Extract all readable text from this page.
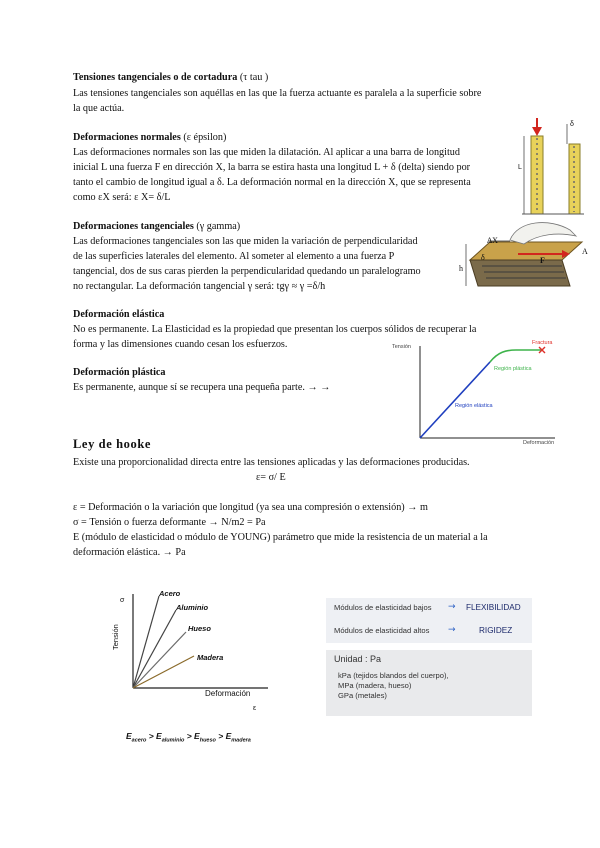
Tensiones tangenciales o de cortadura (τ tau )
Las tensiones tangenciales son aquéllas en las que la fuerza actuante es paralela a la superficie sobre
la que actúa.
Deformaciones normales (ε épsilon)
Las deformaciones normales son las que miden la dilatación. Al aplicar a una barra de longitud
inicial L una fuerza F en dirección X, la barra se estira hasta una longitud L + δ (delta) siendo por
tanto el cambio de longitud igual a δ. La deformación normal en la dirección X, que se representa
como εX será: ε X= δ/L
L
δ
Deformaciones tangenciales (γ gamma)
Las deformaciones tangenciales son las que miden la variación de perpendicularidad
de las superficies laterales del elemento. Al someter al elemento a una fuerza P
tangencial, dos de sus caras pierden la perpendicularidad quedando un paralelogramo
no rectangular. La deformación tangencial γ será: tgγ ≈ γ =δ/h
ΔX
δ
h
A
F
Deformación elástica
No es permanente. La Elasticidad es la propiedad que presentan los cuerpos sólidos de recuperar la
forma y las dimensiones cuando cesan los esfuerzos.
Deformación plástica
Es permanente, aunque sí se recupera una pequeña parte. → →
Tensión
Deformación
Región elástica
Región plástica
Fractura
Ley de hooke
Existe una proporcionalidad directa entre las tensiones aplicadas y las deformaciones producidas.
ε= σ/ E
ε = Deformación o la variación que longitud (ya sea una compresión o extensión) → m
σ = Tensión o fuerza deformante → N/m2 = Pa
E (módulo de elasticidad o módulo de YOUNG) parámetro que mide la resistencia de un material a la
deformación elástica. → Pa
σ
Tensión
Acero
Aluminio
Hueso
Madera
Deformación
ε
$E_{acero} > E_{aluminio} > E_{hueso} > E_{madera}$
Módulos de elasticidad bajos → FLEXIBILIDAD
Módulos de elasticidad altos →	RIGIDEZ
Unidad : Pa
kPa (tejidos blandos del cuerpo),
MPa (madera, hueso)
GPa (metales)
